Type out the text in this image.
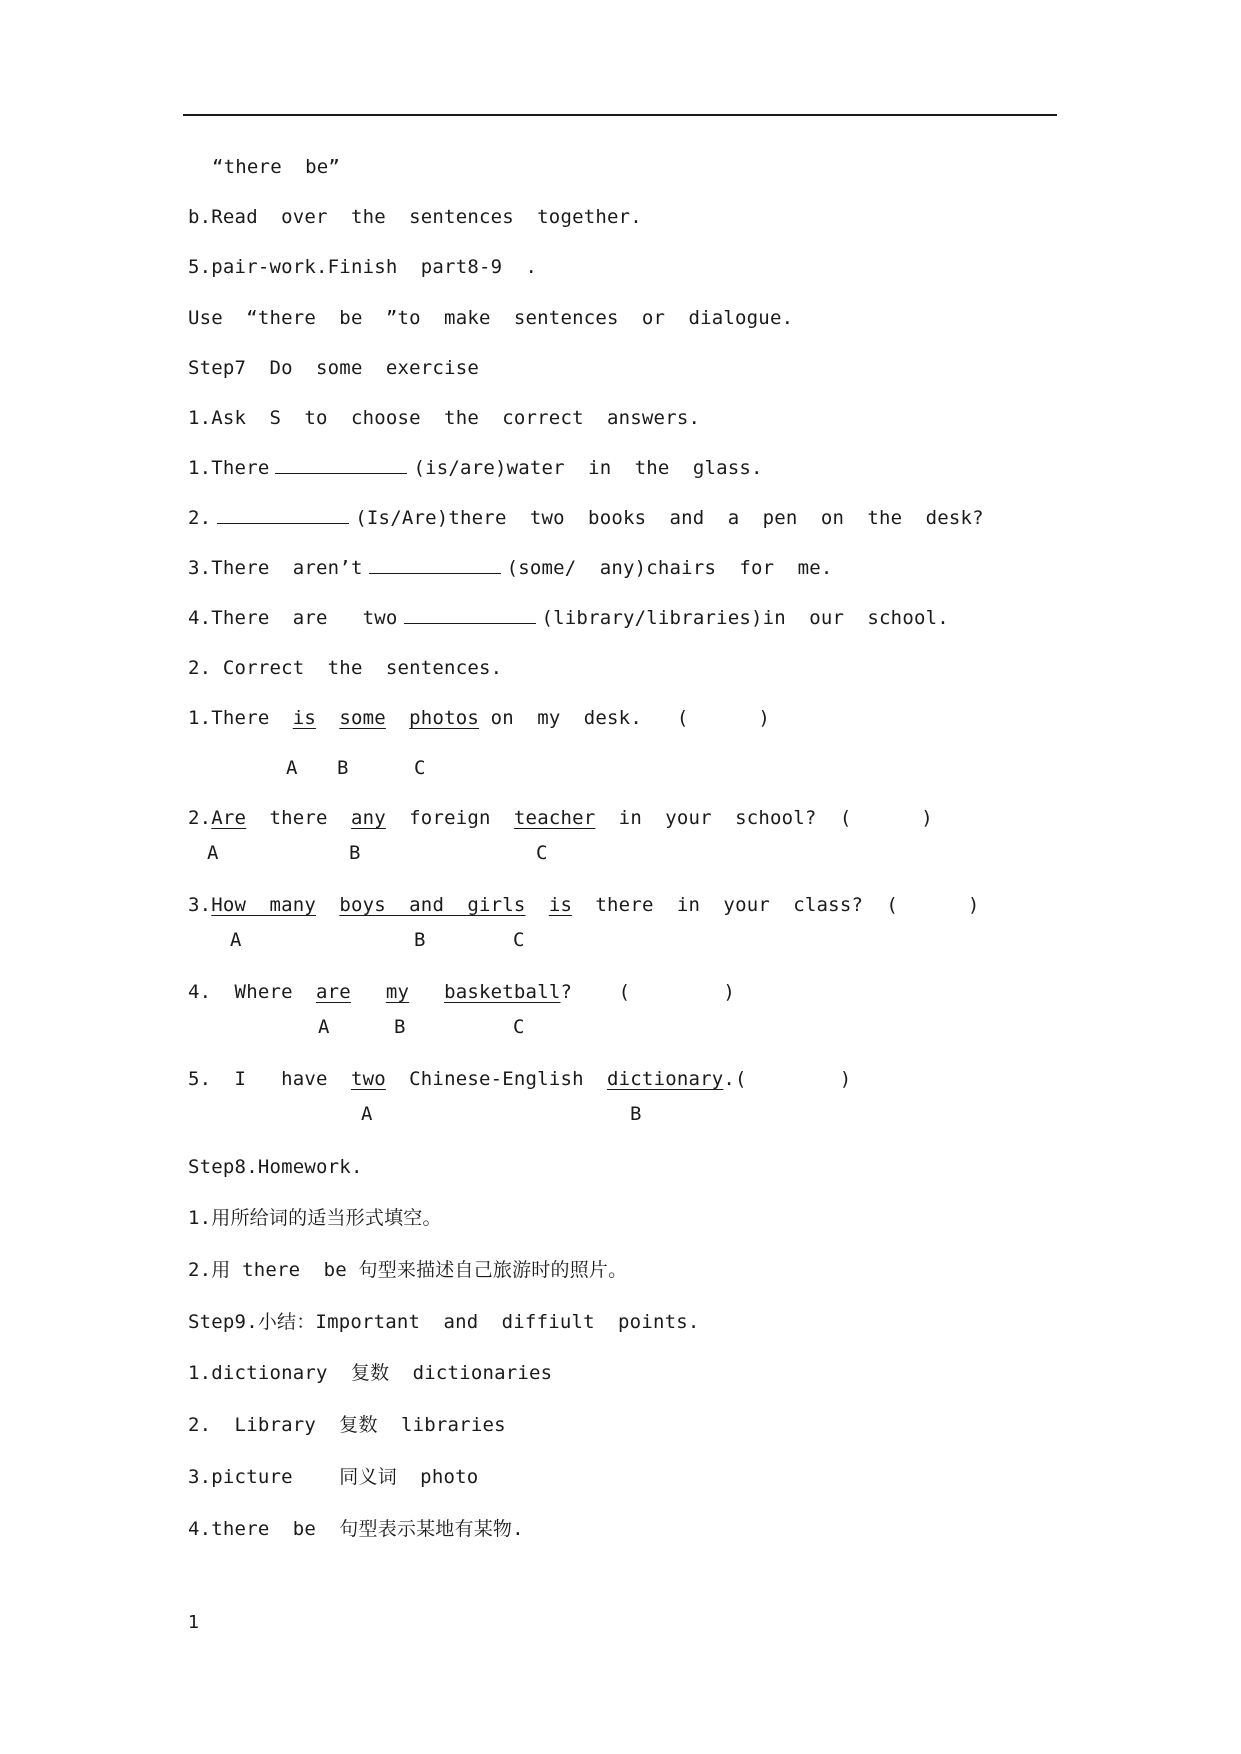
“there  be”
b.Read  over  the  sentences  together.
5.pair-work.Finish  part8-9  .
Use  “there  be  ”to  make  sentences  or  dialogue.
Step7  Do  some  exercise
1.Ask  S  to  choose  the  correct  answers.
1.There	(is/are)water  in  the  glass.
2.	(Is/Are)there  two  books  and  a  pen  on  the  desk?
3.There  aren’t	(some/  any)chairs  for  me.
4.There  are   two	(library/libraries)in  our  school.
2. Correct  the  sentences.
1.There  is some photos on  my  desk.   (      )
A B	C
2.Are  there  any  foreign  teacher  in  your  school?  (      )
A	B	C
3.How  many boys  and  girls is  there  in  your  class?  (      )
A	B	C
4.  Where  are my basketball?    (        )
A	B	C
5.  I   have  two  Chinese-English  dictionary.(        )
A	B
Step8.Homework.
1.用所给词的适当形式填空。
2.用 there  be 句型来描述自己旅游时的照片。
Step9.小结：Important  and  diffiult  points.
1.dictionary  复数  dictionaries
2.  Library  复数  libraries
3.picture    同义词  photo
4.there  be  句型表示某地有某物.
1
